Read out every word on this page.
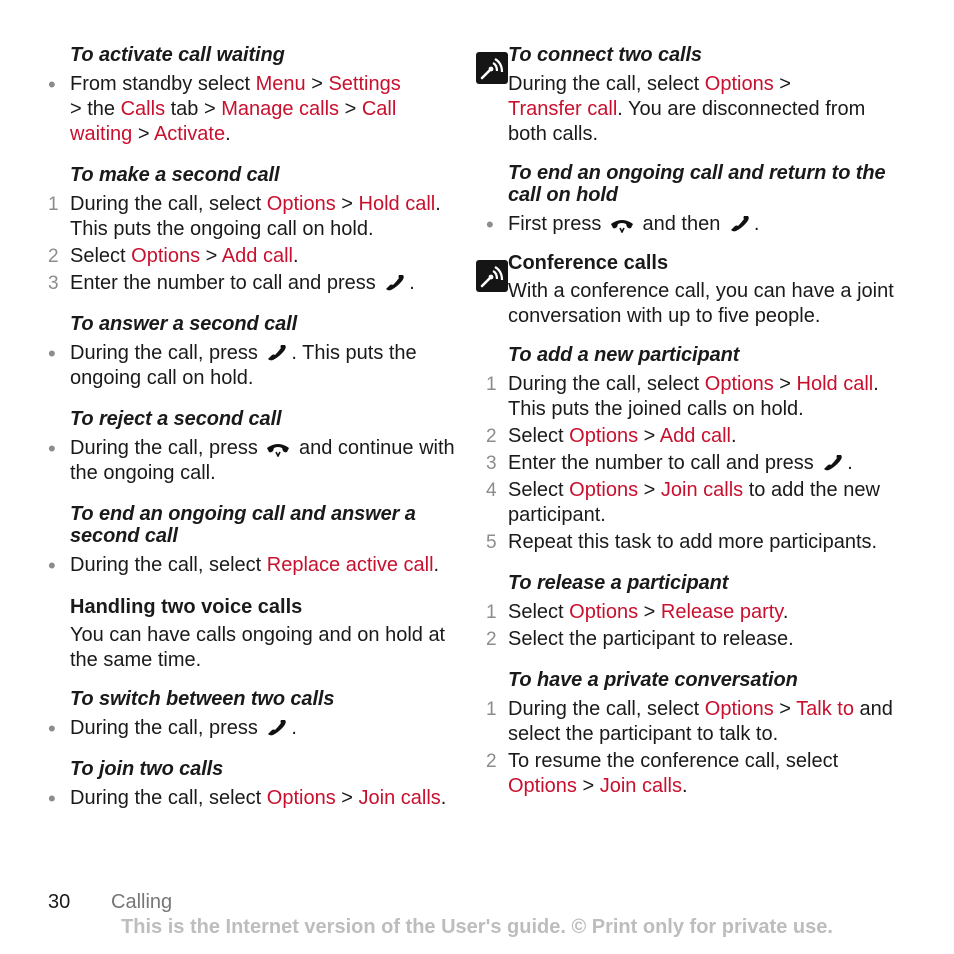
To activate call waiting
• From standby select Menu > Settings
> the Calls tab > Manage calls > Call waiting > Activate.
To make a second call
1 During the call, select Options > Hold call. This puts the ongoing call on hold.
2 Select Options > Add call.
3 Enter the number to call and press
.
To answer a second call
• During the call, press
. This puts the ongoing call on hold.
To reject a second call
• During the call, press
and continue with the ongoing call.
To end an ongoing call and answer a second call
• During the call, select Replace active call.
Handling two voice calls
You can have calls ongoing and on hold at the same time.
To switch between two calls
• During the call, press
.
To join two calls
• During the call, select Options > Join calls.
To connect two calls
During the call, select Options >
Transfer call. You are disconnected from both calls.
To end an ongoing call and return to the call on hold
• First press
and then
.
Conference calls
With a conference call, you can have a joint conversation with up to five people.
To add a new participant
1 During the call, select Options > Hold call. This puts the joined calls on hold.
2 Select Options > Add call.
3 Enter the number to call and press
.
4 Select Options > Join calls to add the new participant.
5 Repeat this task to add more participants.
To release a participant
1 Select Options > Release party.
2 Select the participant to release.
To have a private conversation
1 During the call, select Options > Talk to and select the participant to talk to.
2 To resume the conference call, select Options > Join calls.
30 Calling
This is the Internet version of the User's guide. © Print only for private use.
